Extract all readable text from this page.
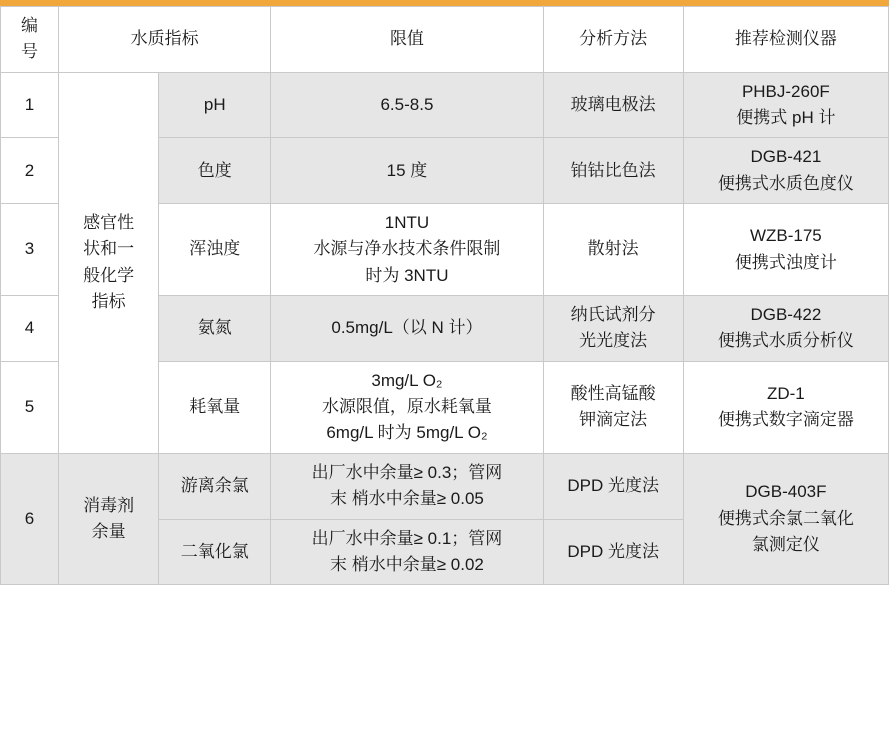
编
号	水质指标		限值	分析方法	推荐检测仪器
1	感官性
状和一
般化学
指标	pH	6.5-8.5	玻璃电极法	PHBJ-260F
便携式 pH 计

2		色度	15 度	铂钴比色法	DGB-421
便携式水质色度仪

3		浑浊度	1NTU
水源与净水技术条件限制
时为 3NTU	散射法	WZB-175
便携式浊度计

4		氨氮	0.5mg/L（以 N 计）	纳氏试剂分
光光度法	DGB-422
便携式水质分析仪

5		耗氧量	3mg/L O₂
水源限值，原水耗氧量
6mg/L 时为 5mg/L O₂	酸性高锰酸
钾滴定法	ZD-1
便携式数字滴定器

6	消毒剂
余量	游离余氯	出厂水中余量≥ 0.3；管网
末 梢水中余量≥ 0.05	DPD 光度法	DGB-403F
便携式余氯二氧化
氯测定仪

		二氧化氯	出厂水中余量≥ 0.1；管网
末 梢水中余量≥ 0.02	DPD 光度法	
